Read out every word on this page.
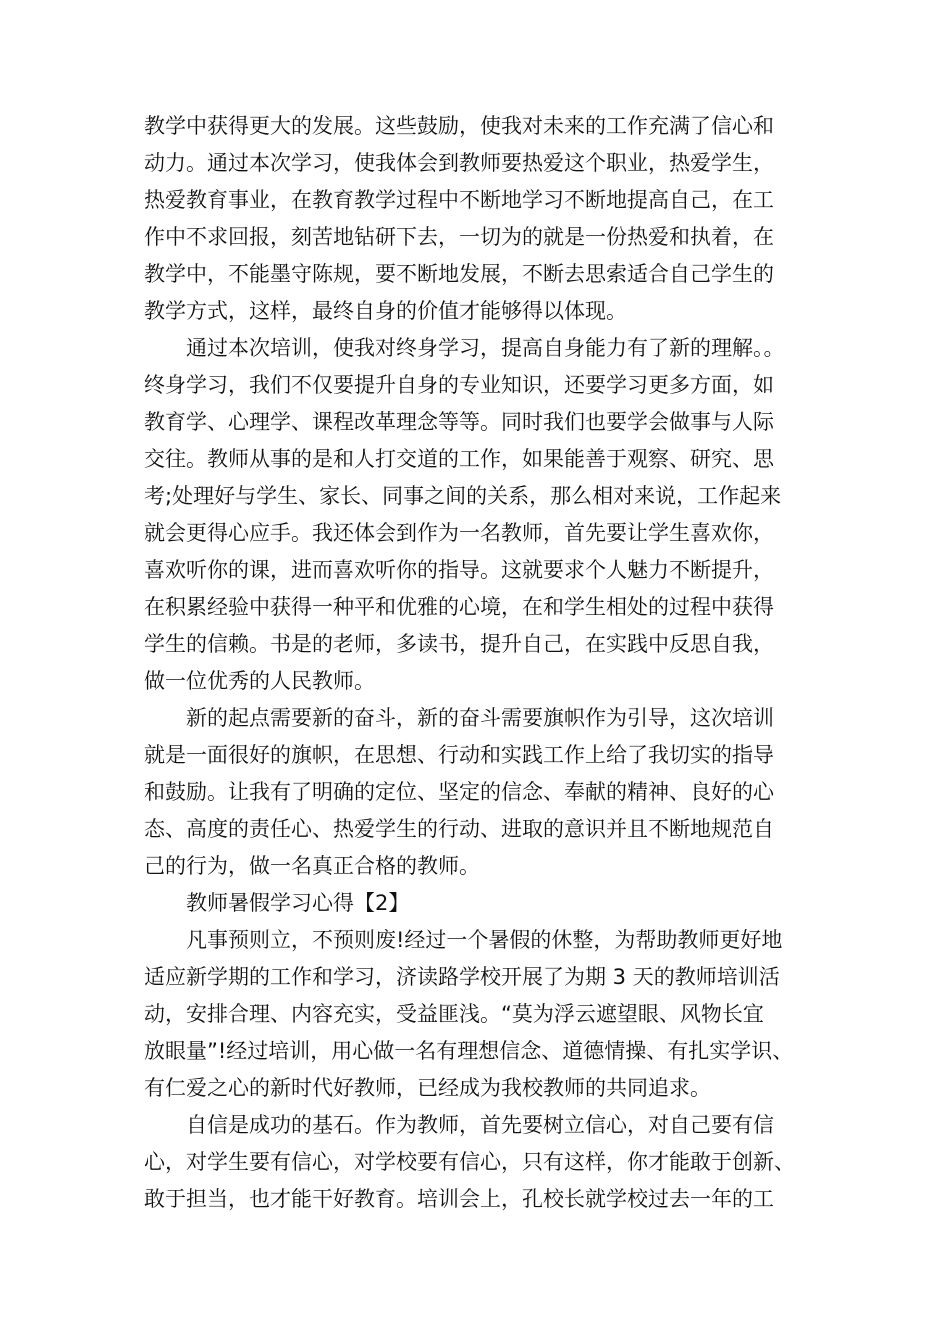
教学中获得更大的发展。这些鼓励，使我对未来的工作充满了信心和
动力。通过本次学习，使我体会到教师要热爱这个职业，热爱学生，
热爱教育事业，在教育教学过程中不断地学习不断地提高自己，在工
作中不求回报，刻苦地钻研下去，一切为的就是一份热爱和执着，在
教学中，不能墨守陈规，要不断地发展，不断去思索适合自己学生的
教学方式，这样，最终自身的价值才能够得以体现。
通过本次培训，使我对终身学习，提高自身能力有了新的理解。。
终身学习，我们不仅要提升自身的专业知识，还要学习更多方面，如
教育学、心理学、课程改革理念等等。同时我们也要学会做事与人际
交往。教师从事的是和人打交道的工作，如果能善于观察、研究、思
考;处理好与学生、家长、同事之间的关系，那么相对来说，工作起来
就会更得心应手。我还体会到作为一名教师，首先要让学生喜欢你，
喜欢听你的课，进而喜欢听你的指导。这就要求个人魅力不断提升，
在积累经验中获得一种平和优雅的心境，在和学生相处的过程中获得
学生的信赖。书是的老师，多读书，提升自己，在实践中反思自我，
做一位优秀的人民教师。
新的起点需要新的奋斗，新的奋斗需要旗帜作为引导，这次培训
就是一面很好的旗帜，在思想、行动和实践工作上给了我切实的指导
和鼓励。让我有了明确的定位、坚定的信念、奉献的精神、良好的心
态、高度的责任心、热爱学生的行动、进取的意识并且不断地规范自
己的行为，做一名真正合格的教师。
教师暑假学习心得【2】
凡事预则立，不预则废!经过一个暑假的休整，为帮助教师更好地
适应新学期的工作和学习，济读路学校开展了为期 3 天的教师培训活
动，安排合理、内容充实，受益匪浅。“莫为浮云遮望眼、风物长宜
放眼量”!经过培训，用心做一名有理想信念、道德情操、有扎实学识、
有仁爱之心的新时代好教师，已经成为我校教师的共同追求。
自信是成功的基石。作为教师，首先要树立信心，对自己要有信
心，对学生要有信心，对学校要有信心，只有这样，你才能敢于创新、
敢于担当，也才能干好教育。培训会上，孔校长就学校过去一年的工
